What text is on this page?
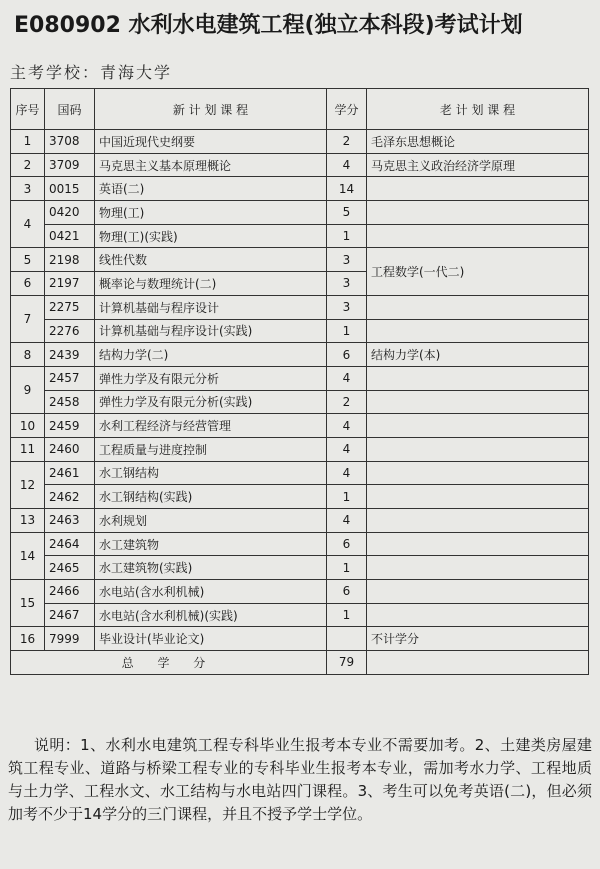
E080902 水利水电建筑工程(独立本科段)考试计划
主考学校：青海大学
序号	国码	新 计 划 课 程	学分	老 计 划 课 程
1	3708	中国近现代史纲要	2	毛泽东思想概论
2	3709	马克思主义基本原理概论	4	马克思主义政治经济学原理
3	0015	英语(二)	14	
4	0420	物理(工)	5	
	0421	物理(工)(实践)	1	
5	2198	线性代数	3	工程数学(一代二)
6	2197	概率论与数理统计(二)	3	
7	2275	计算机基础与程序设计	3	
	2276	计算机基础与程序设计(实践)	1	
8	2439	结构力学(二)	6	结构力学(本)
9	2457	弹性力学及有限元分析	4	
	2458	弹性力学及有限元分析(实践)	2	
10	2459	水利工程经济与经营管理	4	
11	2460	工程质量与进度控制	4	
12	2461	水工钢结构	4	
	2462	水工钢结构(实践)	1	
13	2463	水利规划	4	
14	2464	水工建筑物	6	
	2465	水工建筑物(实践)	1	
15	2466	水电站(含水利机械)	6	
	2467	水电站(含水利机械)(实践)	1	
16	7999	毕业设计(毕业论文)		不计学分
总 学 分			79	
说明：1、水利水电建筑工程专科毕业生报考本专业不需要加考。2、土建类房屋建筑工程专业、道路与桥梁工程专业的专科毕业生报考本专业，需加考水力学、工程地质与土力学、工程水文、水工结构与水电站四门课程。3、考生可以免考英语(二)，但必须加考不少于14学分的三门课程，并且不授予学士学位。
